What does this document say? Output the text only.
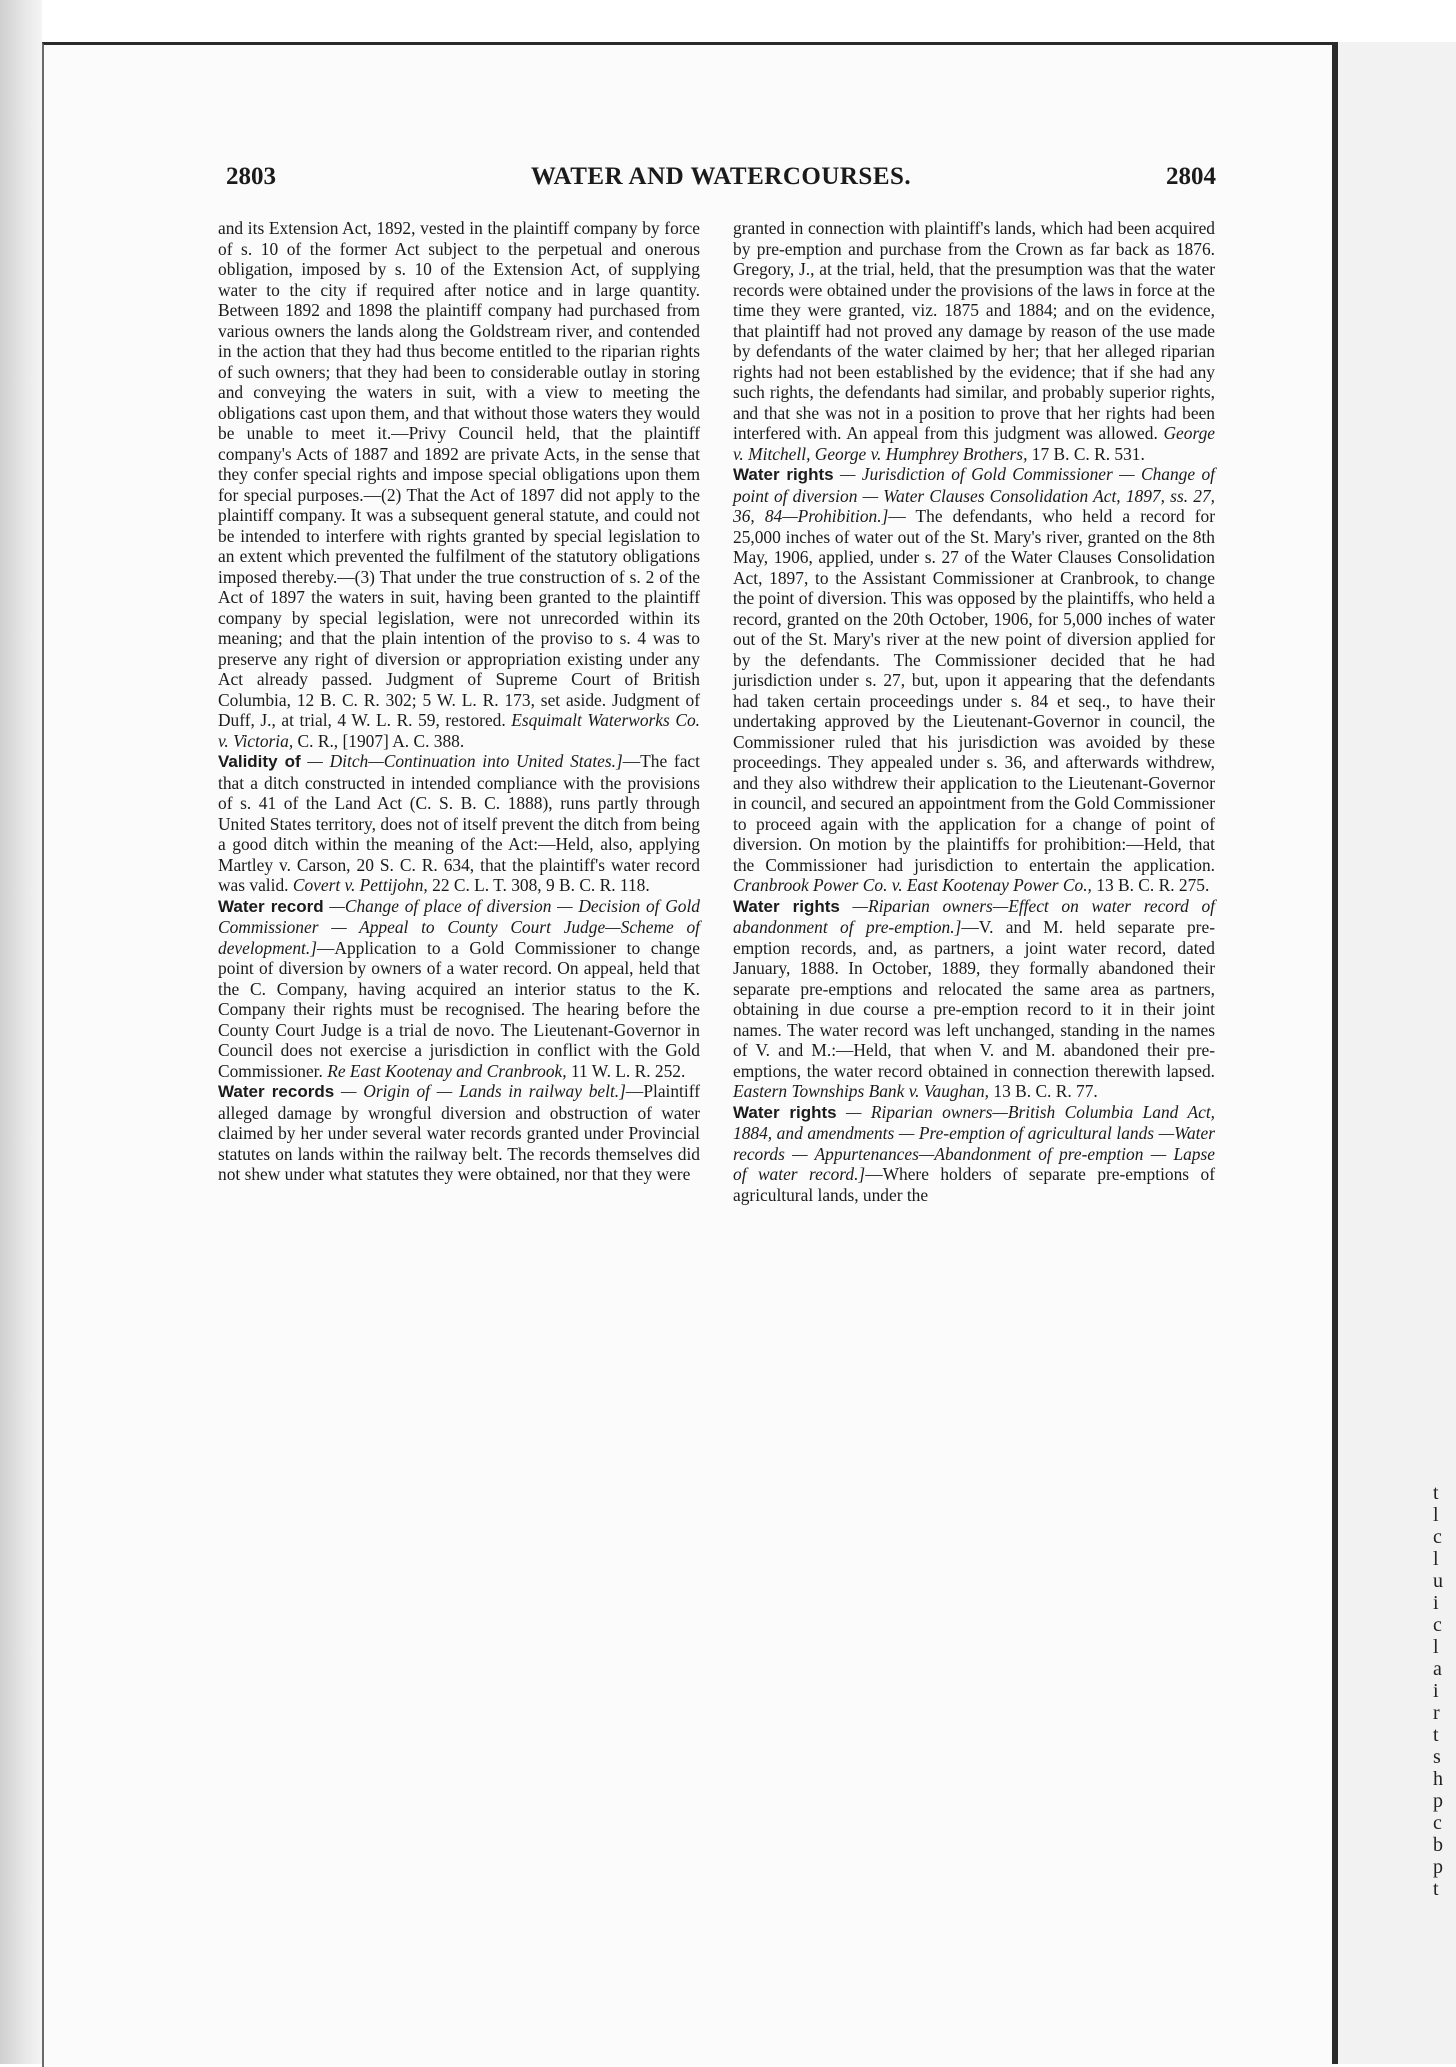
t
l
c
l
u
i
c
l
a
i
r
t
s
h
p
c
b
p
t
2803	WATER AND WATERCOURSES.	2804

and its Extension Act, 1892, vested in the plaintiff company by force of s. 10 of the former Act subject to the perpetual and onerous obligation, imposed by s. 10 of the Extension Act, of supplying water to the city if required after notice and in large quantity. Between 1892 and 1898 the plaintiff company had purchased from various owners the lands along the Goldstream river, and contended in the action that they had thus become entitled to the riparian rights of such owners; that they had been to considerable outlay in storing and conveying the waters in suit, with a view to meeting the obligations cast upon them, and that without those waters they would be unable to meet it.—Privy Council held, that the plaintiff company's Acts of 1887 and 1892 are private Acts, in the sense that they confer special rights and impose special obligations upon them for special purposes.—(2) That the Act of 1897 did not apply to the plaintiff company. It was a subsequent general statute, and could not be intended to interfere with rights granted by special legislation to an extent which prevented the fulfilment of the statutory obligations imposed thereby.—(3) That under the true construction of s. 2 of the Act of 1897 the waters in suit, having been granted to the plaintiff company by special legislation, were not unrecorded within its meaning; and that the plain intention of the proviso to s. 4 was to preserve any right of diversion or appropriation existing under any Act already passed. Judgment of Supreme Court of British Columbia, 12 B. C. R. 302; 5 W. L. R. 173, set aside. Judgment of Duff, J., at trial, 4 W. L. R. 59, restored. Esquimalt Waterworks Co. v. Victoria, C. R., [1907] A. C. 388.

Validity of — Ditch—Continuation into United States.]—The fact that a ditch constructed in intended compliance with the provisions of s. 41 of the Land Act (C. S. B. C. 1888), runs partly through United States territory, does not of itself prevent the ditch from being a good ditch within the meaning of the Act:—Held, also, applying Martley v. Carson, 20 S. C. R. 634, that the plaintiff's water record was valid. Covert v. Pettijohn, 22 C. L. T. 308, 9 B. C. R. 118.

Water record —Change of place of diversion — Decision of Gold Commissioner — Appeal to County Court Judge—Scheme of development.]—Application to a Gold Commissioner to change point of diversion by owners of a water record. On appeal, held that the C. Company, having acquired an interior status to the K. Company their rights must be recognised. The hearing before the County Court Judge is a trial de novo. The Lieutenant-Governor in Council does not exercise a jurisdiction in conflict with the Gold Commissioner. Re East Kootenay and Cranbrook, 11 W. L. R. 252.

Water records — Origin of — Lands in railway belt.]—Plaintiff alleged damage by wrongful diversion and obstruction of water claimed by her under several water records granted under Provincial statutes on lands within the railway belt. The records themselves did not shew under what statutes they were obtained, nor that they were

granted in connection with plaintiff's lands, which had been acquired by pre-emption and purchase from the Crown as far back as 1876. Gregory, J., at the trial, held, that the presumption was that the water records were obtained under the provisions of the laws in force at the time they were granted, viz. 1875 and 1884; and on the evidence, that plaintiff had not proved any damage by reason of the use made by defendants of the water claimed by her; that her alleged riparian rights had not been established by the evidence; that if she had any such rights, the defendants had similar, and probably superior rights, and that she was not in a position to prove that her rights had been interfered with. An appeal from this judgment was allowed. George v. Mitchell, George v. Humphrey Brothers, 17 B. C. R. 531.

Water rights — Jurisdiction of Gold Commissioner — Change of point of diversion — Water Clauses Consolidation Act, 1897, ss. 27, 36, 84—Prohibition.]— The defendants, who held a record for 25,000 inches of water out of the St. Mary's river, granted on the 8th May, 1906, applied, under s. 27 of the Water Clauses Consolidation Act, 1897, to the Assistant Commissioner at Cranbrook, to change the point of diversion. This was opposed by the plaintiffs, who held a record, granted on the 20th October, 1906, for 5,000 inches of water out of the St. Mary's river at the new point of diversion applied for by the defendants. The Commissioner decided that he had jurisdiction under s. 27, but, upon it appearing that the defendants had taken certain proceedings under s. 84 et seq., to have their undertaking approved by the Lieutenant-Governor in council, the Commissioner ruled that his jurisdiction was avoided by these proceedings. They appealed under s. 36, and afterwards withdrew, and they also withdrew their application to the Lieutenant-Governor in council, and secured an appointment from the Gold Commissioner to proceed again with the application for a change of point of diversion. On motion by the plaintiffs for prohibition:—Held, that the Commissioner had jurisdiction to entertain the application. Cranbrook Power Co. v. East Kootenay Power Co., 13 B. C. R. 275.

Water rights —Riparian owners—Effect on water record of abandonment of pre-emption.]—V. and M. held separate pre-emption records, and, as partners, a joint water record, dated January, 1888. In October, 1889, they formally abandoned their separate pre-emptions and relocated the same area as partners, obtaining in due course a pre-emption record to it in their joint names. The water record was left unchanged, standing in the names of V. and M.:—Held, that when V. and M. abandoned their pre-emptions, the water record obtained in connection therewith lapsed. Eastern Townships Bank v. Vaughan, 13 B. C. R. 77.

Water rights — Riparian owners—British Columbia Land Act, 1884, and amendments — Pre-emption of agricultural lands —Water records — Appurtenances—Abandonment of pre-emption — Lapse of water record.]—Where holders of separate pre-emptions of agricultural lands, under the
